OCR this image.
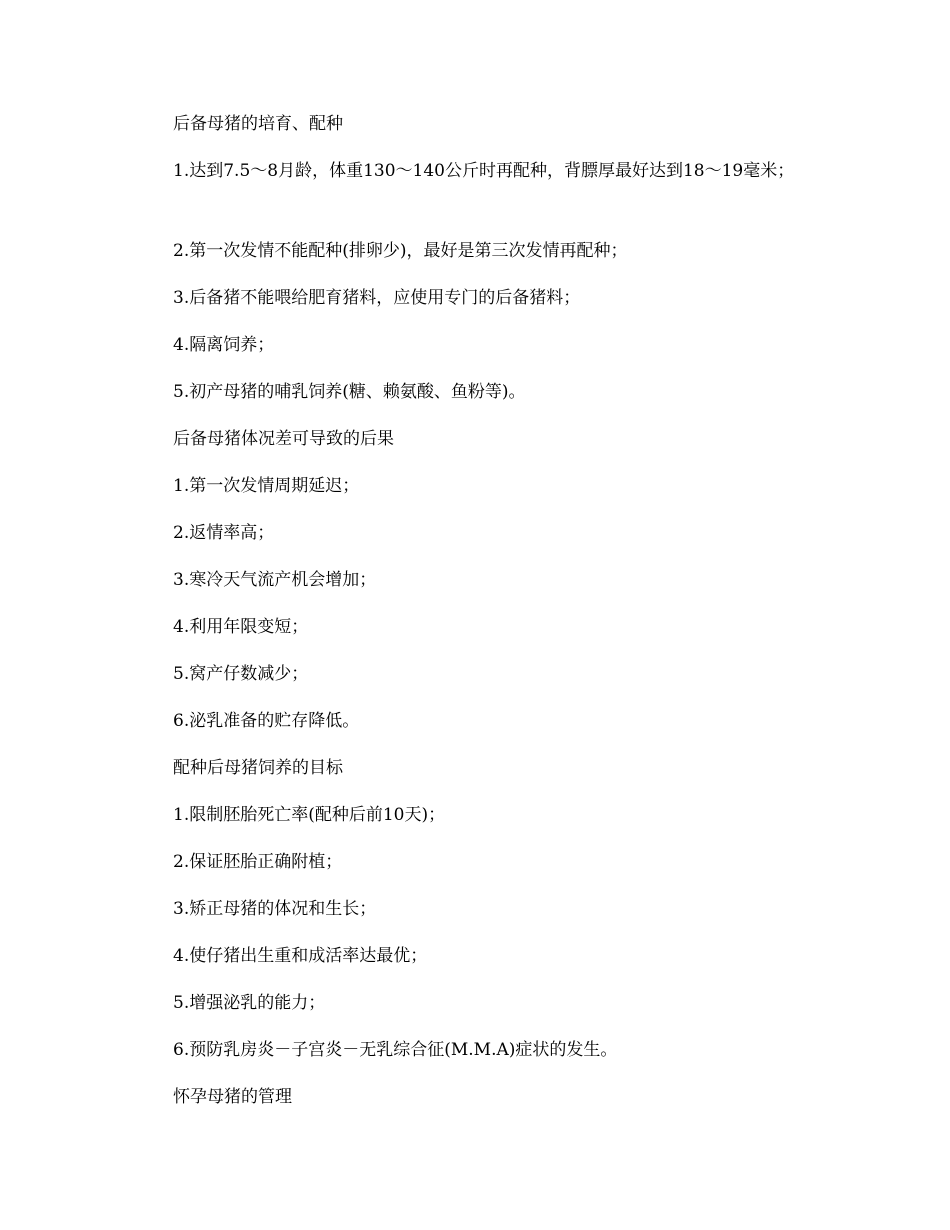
后备母猪的培育、配种
1.达到7.5～8月龄，体重130～140公斤时再配种，背膘厚最好达到18～19毫米；
2.第一次发情不能配种(排卵少)，最好是第三次发情再配种；
3.后备猪不能喂给肥育猪料，应使用专门的后备猪料；
4.隔离饲养；
5.初产母猪的哺乳饲养(糖、赖氨酸、鱼粉等)。
后备母猪体况差可导致的后果
1.第一次发情周期延迟；
2.返情率高；
3.寒冷天气流产机会增加；
4.利用年限变短；
5.窝产仔数减少；
6.泌乳准备的贮存降低。
配种后母猪饲养的目标
1.限制胚胎死亡率(配种后前10天)；
2.保证胚胎正确附植；
3.矫正母猪的体况和生长；
4.使仔猪出生重和成活率达最优；
5.增强泌乳的能力；
6.预防乳房炎－子宫炎－无乳综合征(M.M.A)症状的发生。
怀孕母猪的管理
